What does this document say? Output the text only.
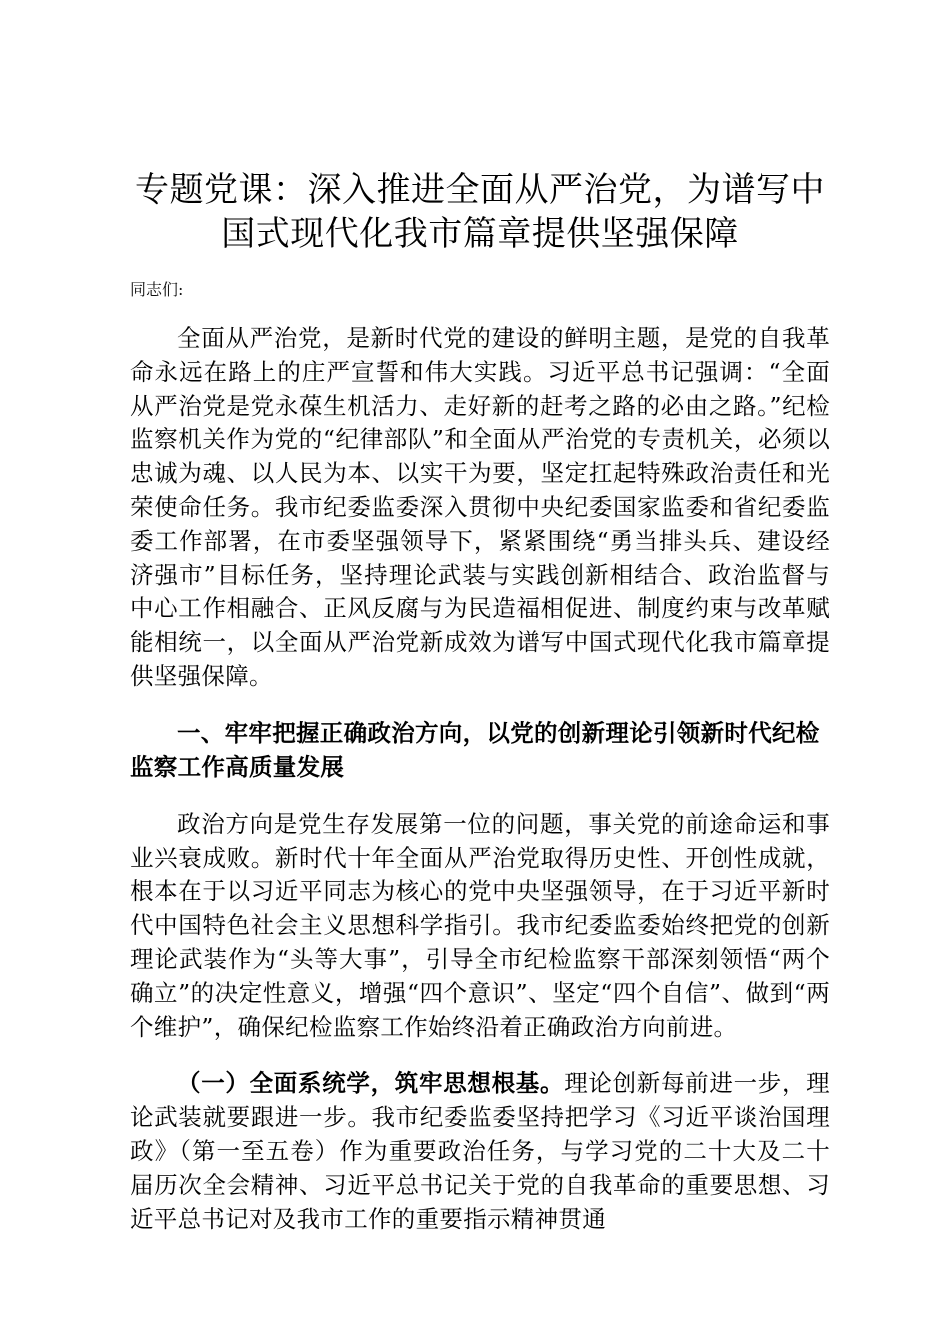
专题党课：深入推进全面从严治党，为谱写中
国式现代化我市篇章提供坚强保障
同志们:

全面从严治党，是新时代党的建设的鲜明主题，是党的自我革命永远在路上的庄严宣誓和伟大实践。习近平总书记强调：“全面从严治党是党永葆生机活力、走好新的赶考之路的必由之路。”纪检监察机关作为党的“纪律部队”和全面从严治党的专责机关，必须以忠诚为魂、以人民为本、以实干为要，坚定扛起特殊政治责任和光荣使命任务。我市纪委监委深入贯彻中央纪委国家监委和省纪委监委工作部署，在市委坚强领导下，紧紧围绕“勇当排头兵、建设经济强市”目标任务，坚持理论武装与实践创新相结合、政治监督与中心工作相融合、正风反腐与为民造福相促进、制度约束与改革赋能相统一，以全面从严治党新成效为谱写中国式现代化我市篇章提供坚强保障。

一、牢牢把握正确政治方向，以党的创新理论引领新时代纪检监察工作高质量发展

政治方向是党生存发展第一位的问题，事关党的前途命运和事业兴衰成败。新时代十年全面从严治党取得历史性、开创性成就，根本在于以习近平同志为核心的党中央坚强领导，在于习近平新时代中国特色社会主义思想科学指引。我市纪委监委始终把党的创新理论武装作为“头等大事”，引导全市纪检监察干部深刻领悟“两个确立”的决定性意义，增强“四个意识”、坚定“四个自信”、做到“两个维护”，确保纪检监察工作始终沿着正确政治方向前进。

（一）全面系统学，筑牢思想根基。理论创新每前进一步，理论武装就要跟进一步。我市纪委监委坚持把学习《习近平谈治国理政》（第一至五卷）作为重要政治任务，与学习党的二十大及二十届历次全会精神、习近平总书记关于党的自我革命的重要思想、习近平总书记对及我市工作的重要指示精神贯通
